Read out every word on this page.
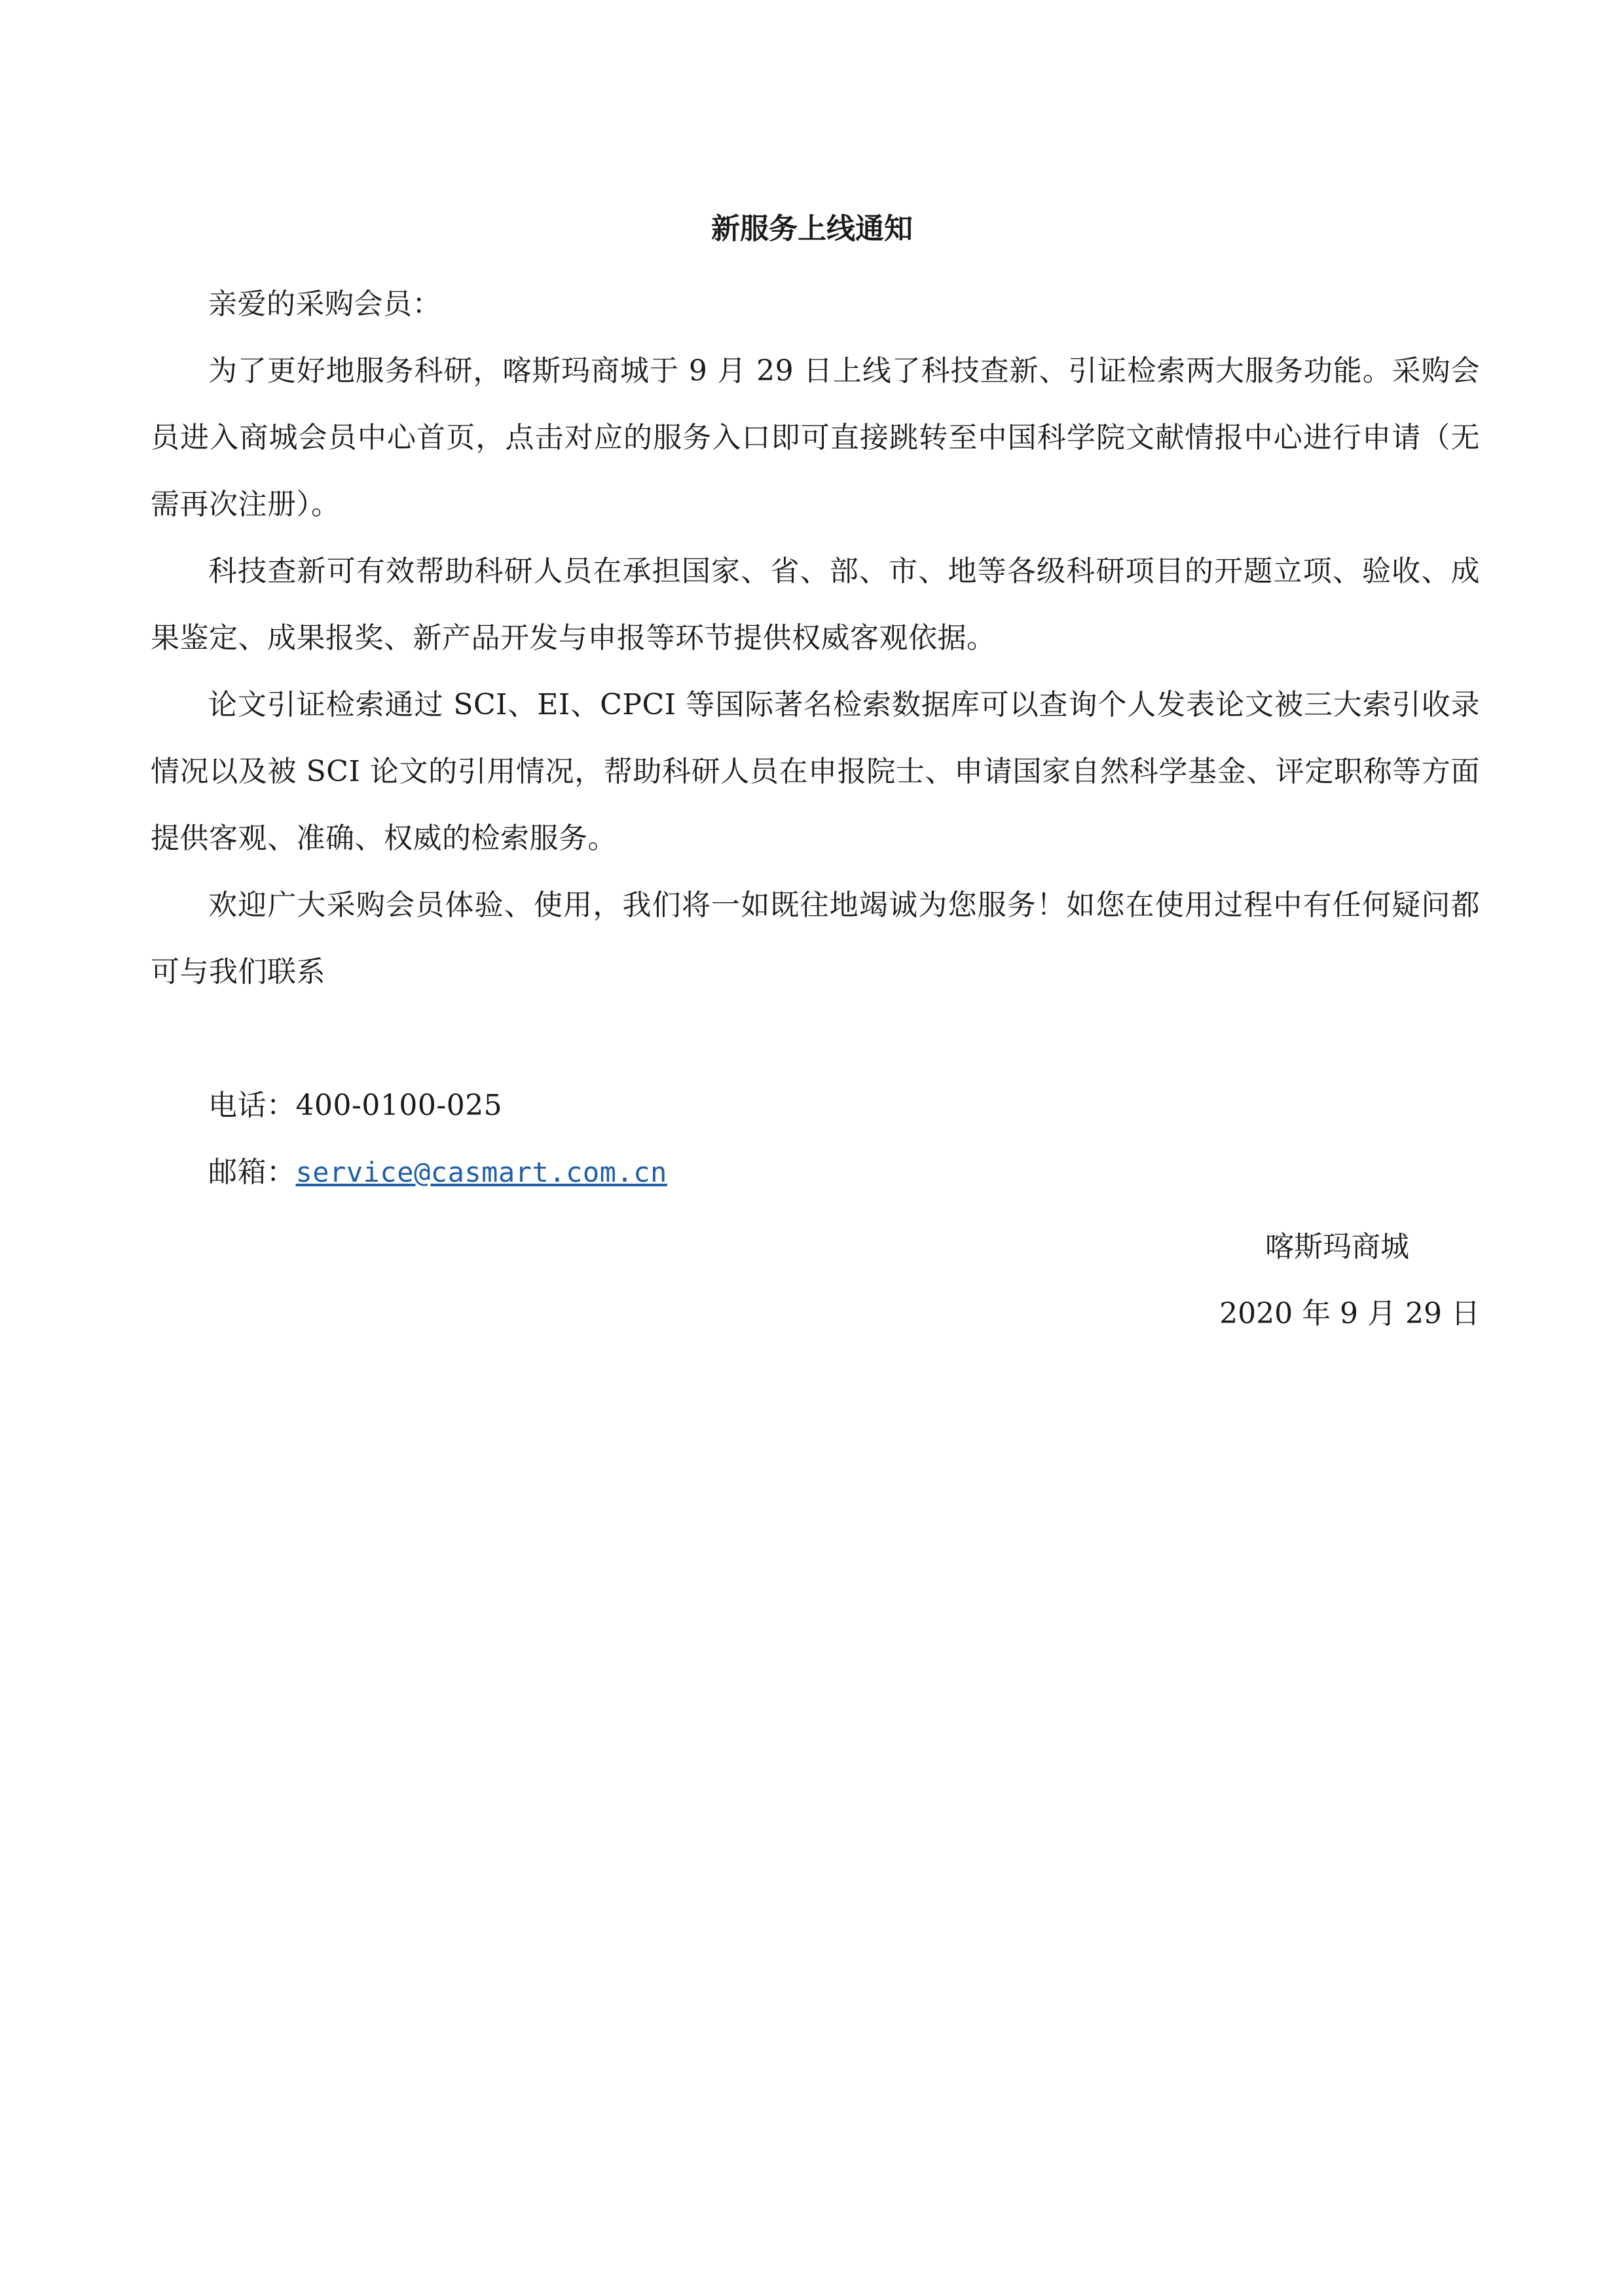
新服务上线通知

亲爱的采购会员：

为了更好地服务科研，喀斯玛商城于 9 月 29 日上线了科技查新、引证检索两大服务功能。采购会员进入商城会员中心首页，点击对应的服务入口即可直接跳转至中国科学院文献情报中心进行申请（无需再次注册）。

科技查新可有效帮助科研人员在承担国家、省、部、市、地等各级科研项目的开题立项、验收、成果鉴定、成果报奖、新产品开发与申报等环节提供权威客观依据。

论文引证检索通过 SCI、EI、CPCI 等国际著名检索数据库可以查询个人发表论文被三大索引收录情况以及被 SCI 论文的引用情况，帮助科研人员在申报院士、申请国家自然科学基金、评定职称等方面提供客观、准确、权威的检索服务。

欢迎广大采购会员体验、使用，我们将一如既往地竭诚为您服务！如您在使用过程中有任何疑问都可与我们联系

电话：400-0100-025

邮箱：service@casmart.com.cn

喀斯玛商城
2020 年 9 月 29 日
